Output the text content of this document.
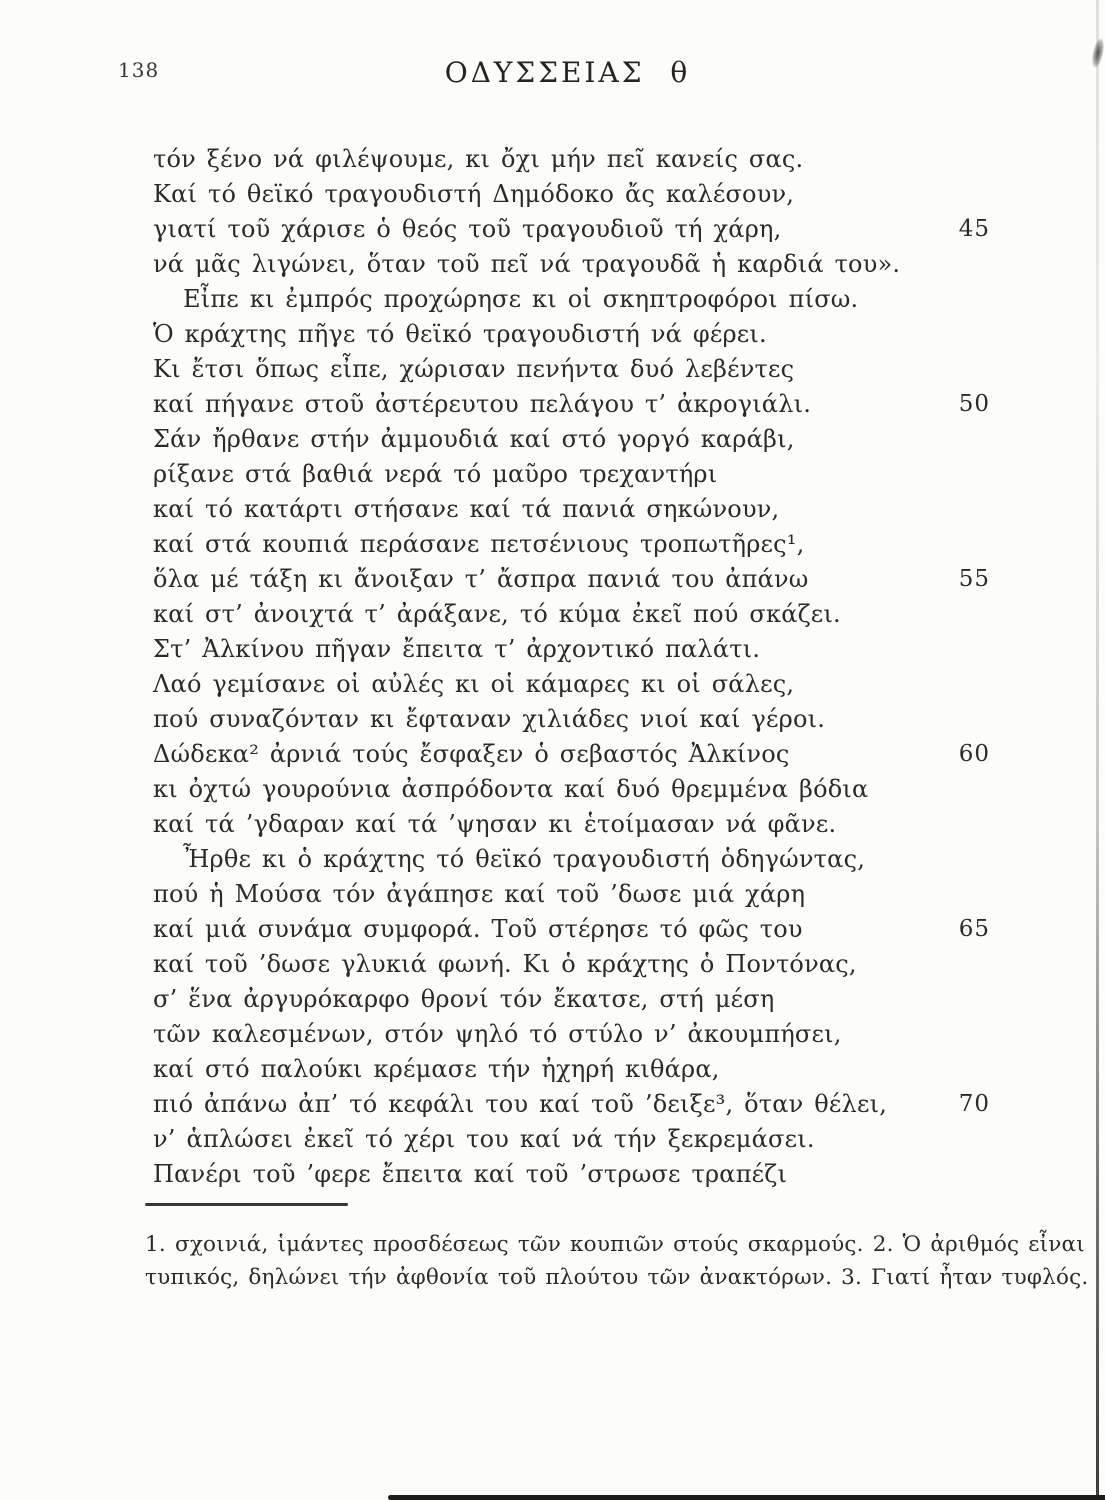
138	ΟΔΥΣΣΕΙΑΣ θ
τόν ξένο νά φιλέψουμε, κι ὄχι μήν πεῖ κανείς σας.
Καί τό θεϊκό τραγουδιστή Δημόδοκο ἄς καλέσουν,
γιατί τοῦ χάρισε ὁ θεός τοῦ τραγουδιοῦ τή χάρη,	45
νά μᾶς λιγώνει, ὅταν τοῦ πεῖ νά τραγουδᾶ ἡ καρδιά του».
Εἶπε κι ἐμπρός προχώρησε κι οἱ σκηπτροφόροι πίσω.
Ὁ κράχτης πῆγε τό θεϊκό τραγουδιστή νά φέρει.
Κι ἔτσι ὅπως εἶπε, χώρισαν πενήντα δυό λεβέντες
καί πήγανε στοῦ ἀστέρευτου πελάγου τ’ ἀκρογιάλι.	50
Σάν ἤρθανε στήν ἀμμουδιά καί στό γοργό καράβι,
ρίξανε στά βαθιά νερά τό μαῦρο τρεχαντήρι
καί τό κατάρτι στήσανε καί τά πανιά σηκώνουν,
καί στά κουπιά περάσανε πετσένιους τροπωτῆρες¹,
ὅλα μέ τάξη κι ἄνοιξαν τ’ ἄσπρα πανιά του ἀπάνω	55
καί στ’ ἀνοιχτά τ’ ἀράξανε, τό κύμα ἐκεῖ πού σκάζει.
Στ’ Ἀλκίνου πῆγαν ἔπειτα τ’ ἀρχοντικό παλάτι.
Λαό γεμίσανε οἱ αὐλές κι οἱ κάμαρες κι οἱ σάλες,
πού συναζόνταν κι ἔφταναν χιλιάδες νιοί καί γέροι.
Δώδεκα² ἀρνιά τούς ἔσφαξεν ὁ σεβαστός Ἀλκίνος	60
κι ὀχτώ γουρούνια ἀσπρόδοντα καί δυό θρεμμένα βόδια
καί τά ’γδαραν καί τά ’ψησαν κι ἑτοίμασαν νά φᾶνε.
Ἦρθε κι ὁ κράχτης τό θεϊκό τραγουδιστή ὁδηγώντας,
πού ἡ Μούσα τόν ἀγάπησε καί τοῦ ’δωσε μιά χάρη
καί μιά συνάμα συμφορά. Τοῦ στέρησε τό φῶς του	65
καί τοῦ ’δωσε γλυκιά φωνή. Κι ὁ κράχτης ὁ Ποντόνας,
σ’ ἕνα ἀργυρόκαρφο θρονί τόν ἔκατσε, στή μέση
τῶν καλεσμένων, στόν ψηλό τό στύλο ν’ ἀκουμπήσει,
καί στό παλούκι κρέμασε τήν ἠχηρή κιθάρα,
πιό ἀπάνω ἀπ’ τό κεφάλι του καί τοῦ ’δειξε³, ὅταν θέλει,	70
ν’ ἁπλώσει ἐκεῖ τό χέρι του καί νά τήν ξεκρεμάσει.
Πανέρι τοῦ ’φερε ἔπειτα καί τοῦ ’στρωσε τραπέζι
1. σχοινιά, ἱμάντες προσδέσεως τῶν κουπιῶν στούς σκαρμούς. 2. Ὁ ἀριθμός εἶναι
τυπικός, δηλώνει τήν ἀφθονία τοῦ πλούτου τῶν ἀνακτόρων. 3. Γιατί ἦταν τυφλός.
